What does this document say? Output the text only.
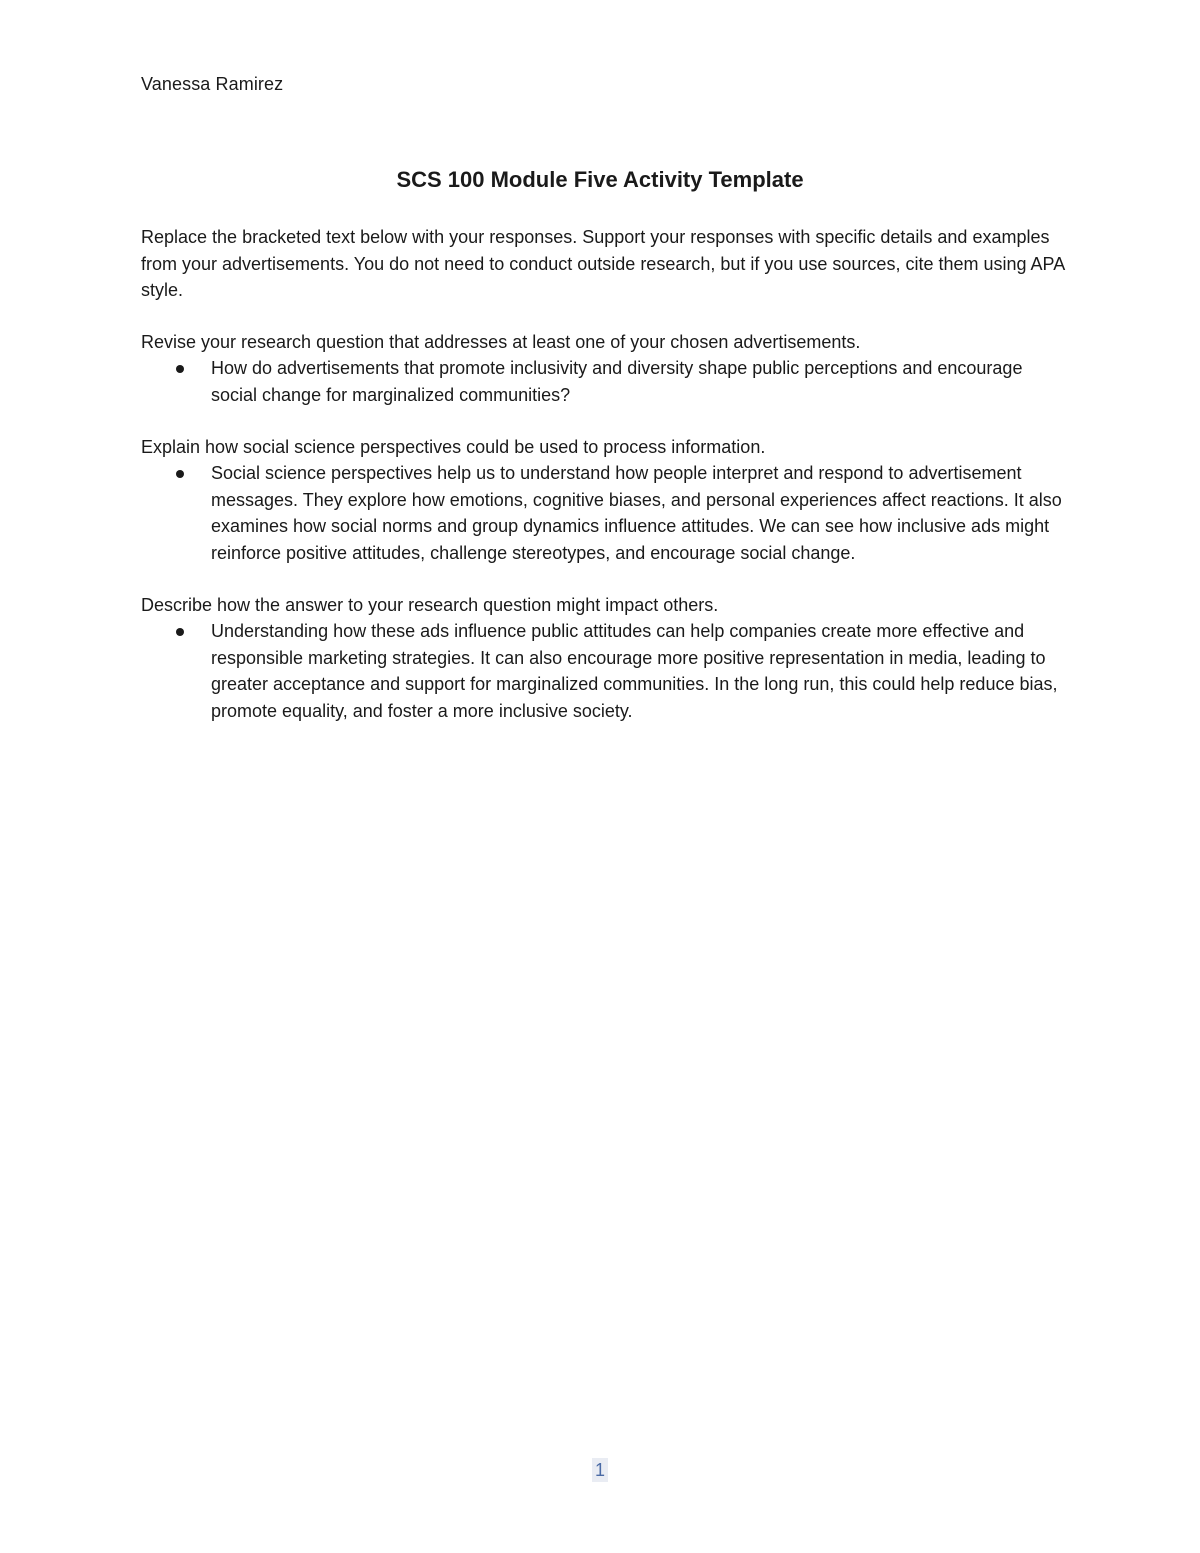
Vanessa Ramirez
SCS 100 Module Five Activity Template

Replace the bracketed text below with your responses. Support your responses with specific details and examples from your advertisements. You do not need to conduct outside research, but if you use sources, cite them using APA style.

Revise your research question that addresses at least one of your chosen advertisements.

How do advertisements that promote inclusivity and diversity shape public perceptions and encourage social change for marginalized communities?

Explain how social science perspectives could be used to process information.

Social science perspectives help us to understand how people interpret and respond to advertisement messages. They explore how emotions, cognitive biases, and personal experiences affect reactions. It also examines how social norms and group dynamics influence attitudes. We can see how inclusive ads might reinforce positive attitudes, challenge stereotypes, and encourage social change.

Describe how the answer to your research question might impact others.

Understanding how these ads influence public attitudes can help companies create more effective and responsible marketing strategies. It can also encourage more positive representation in media, leading to greater acceptance and support for marginalized communities. In the long run, this could help reduce bias, promote equality, and foster a more inclusive society.
1
